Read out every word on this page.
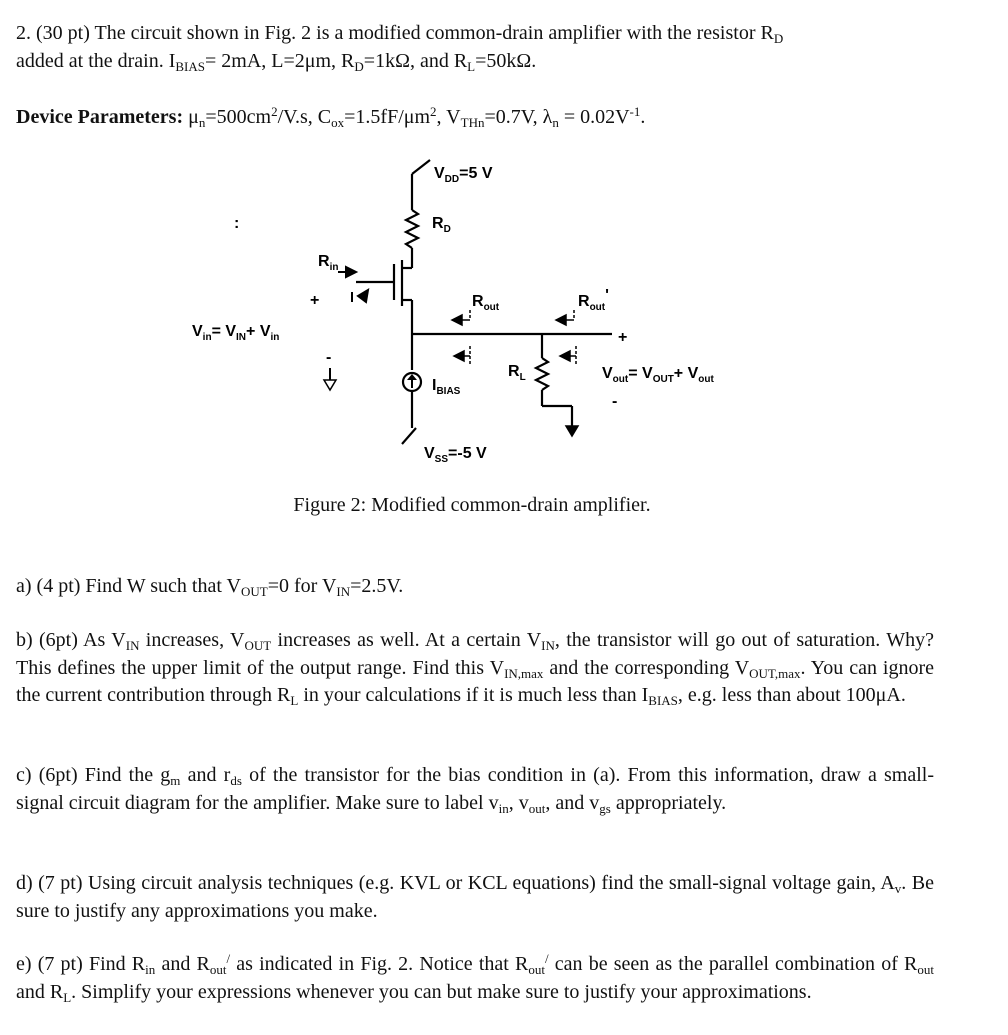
2. (30 pt) The circuit shown in Fig. 2 is a modified common-drain amplifier with the resistor $R_D$
added at the drain. $I_{BIAS}= 2mA$, L=2μm, $R_D=1k\Omega$, and $R_L=50k\Omega$.

Device Parameters: $\mu_n=500cm^2/V.s$, $C_{ox}=1.5fF/\mu m^2$, $V_{THn}=0.7V$, $\lambda_n = 0.02V^{-1}$.

$V_{DD}=5$ V
$R_D$
$R_{in}$
$R_{out}$	$R_{out}'$
+
$V_{in}= V_{IN}+ V_{in}$
-
:
$I_{BIAS}$
$R_L$
+
$V_{out}= V_{OUT}+ V_{out}$
-
$V_{SS}=-5$ V
Figure 2: Modified common-drain amplifier.

a) (4 pt) Find W such that $V_{OUT}=0$ for $V_{IN}=2.5V$.

b) (6pt) As $V_{IN}$ increases, $V_{OUT}$ increases as well. At a certain $V_{IN}$, the transistor will go out of saturation. Why? This defines the upper limit of the output range. Find this $V_{IN,max}$ and the corresponding $V_{OUT,max}$. You can ignore the current contribution through $R_L$ in your calculations if it is much less than $I_{BIAS}$, e.g. less than about 100μA.

c) (6pt) Find the $g_m$ and $r_{ds}$ of the transistor for the bias condition in (a). From this information, draw a small-signal circuit diagram for the amplifier. Make sure to label $v_{in}$, $v_{out}$, and $v_{gs}$ appropriately.

d) (7 pt) Using circuit analysis techniques (e.g. KVL or KCL equations) find the small-signal voltage gain, $A_v$. Be sure to justify any approximations you make.

e) (7 pt) Find $R_{in}$ and $R_{out}^/$ as indicated in Fig. 2. Notice that $R_{out}^/$ can be seen as the parallel combination of $R_{out}$ and $R_L$. Simplify your expressions whenever you can but make sure to justify your approximations.
